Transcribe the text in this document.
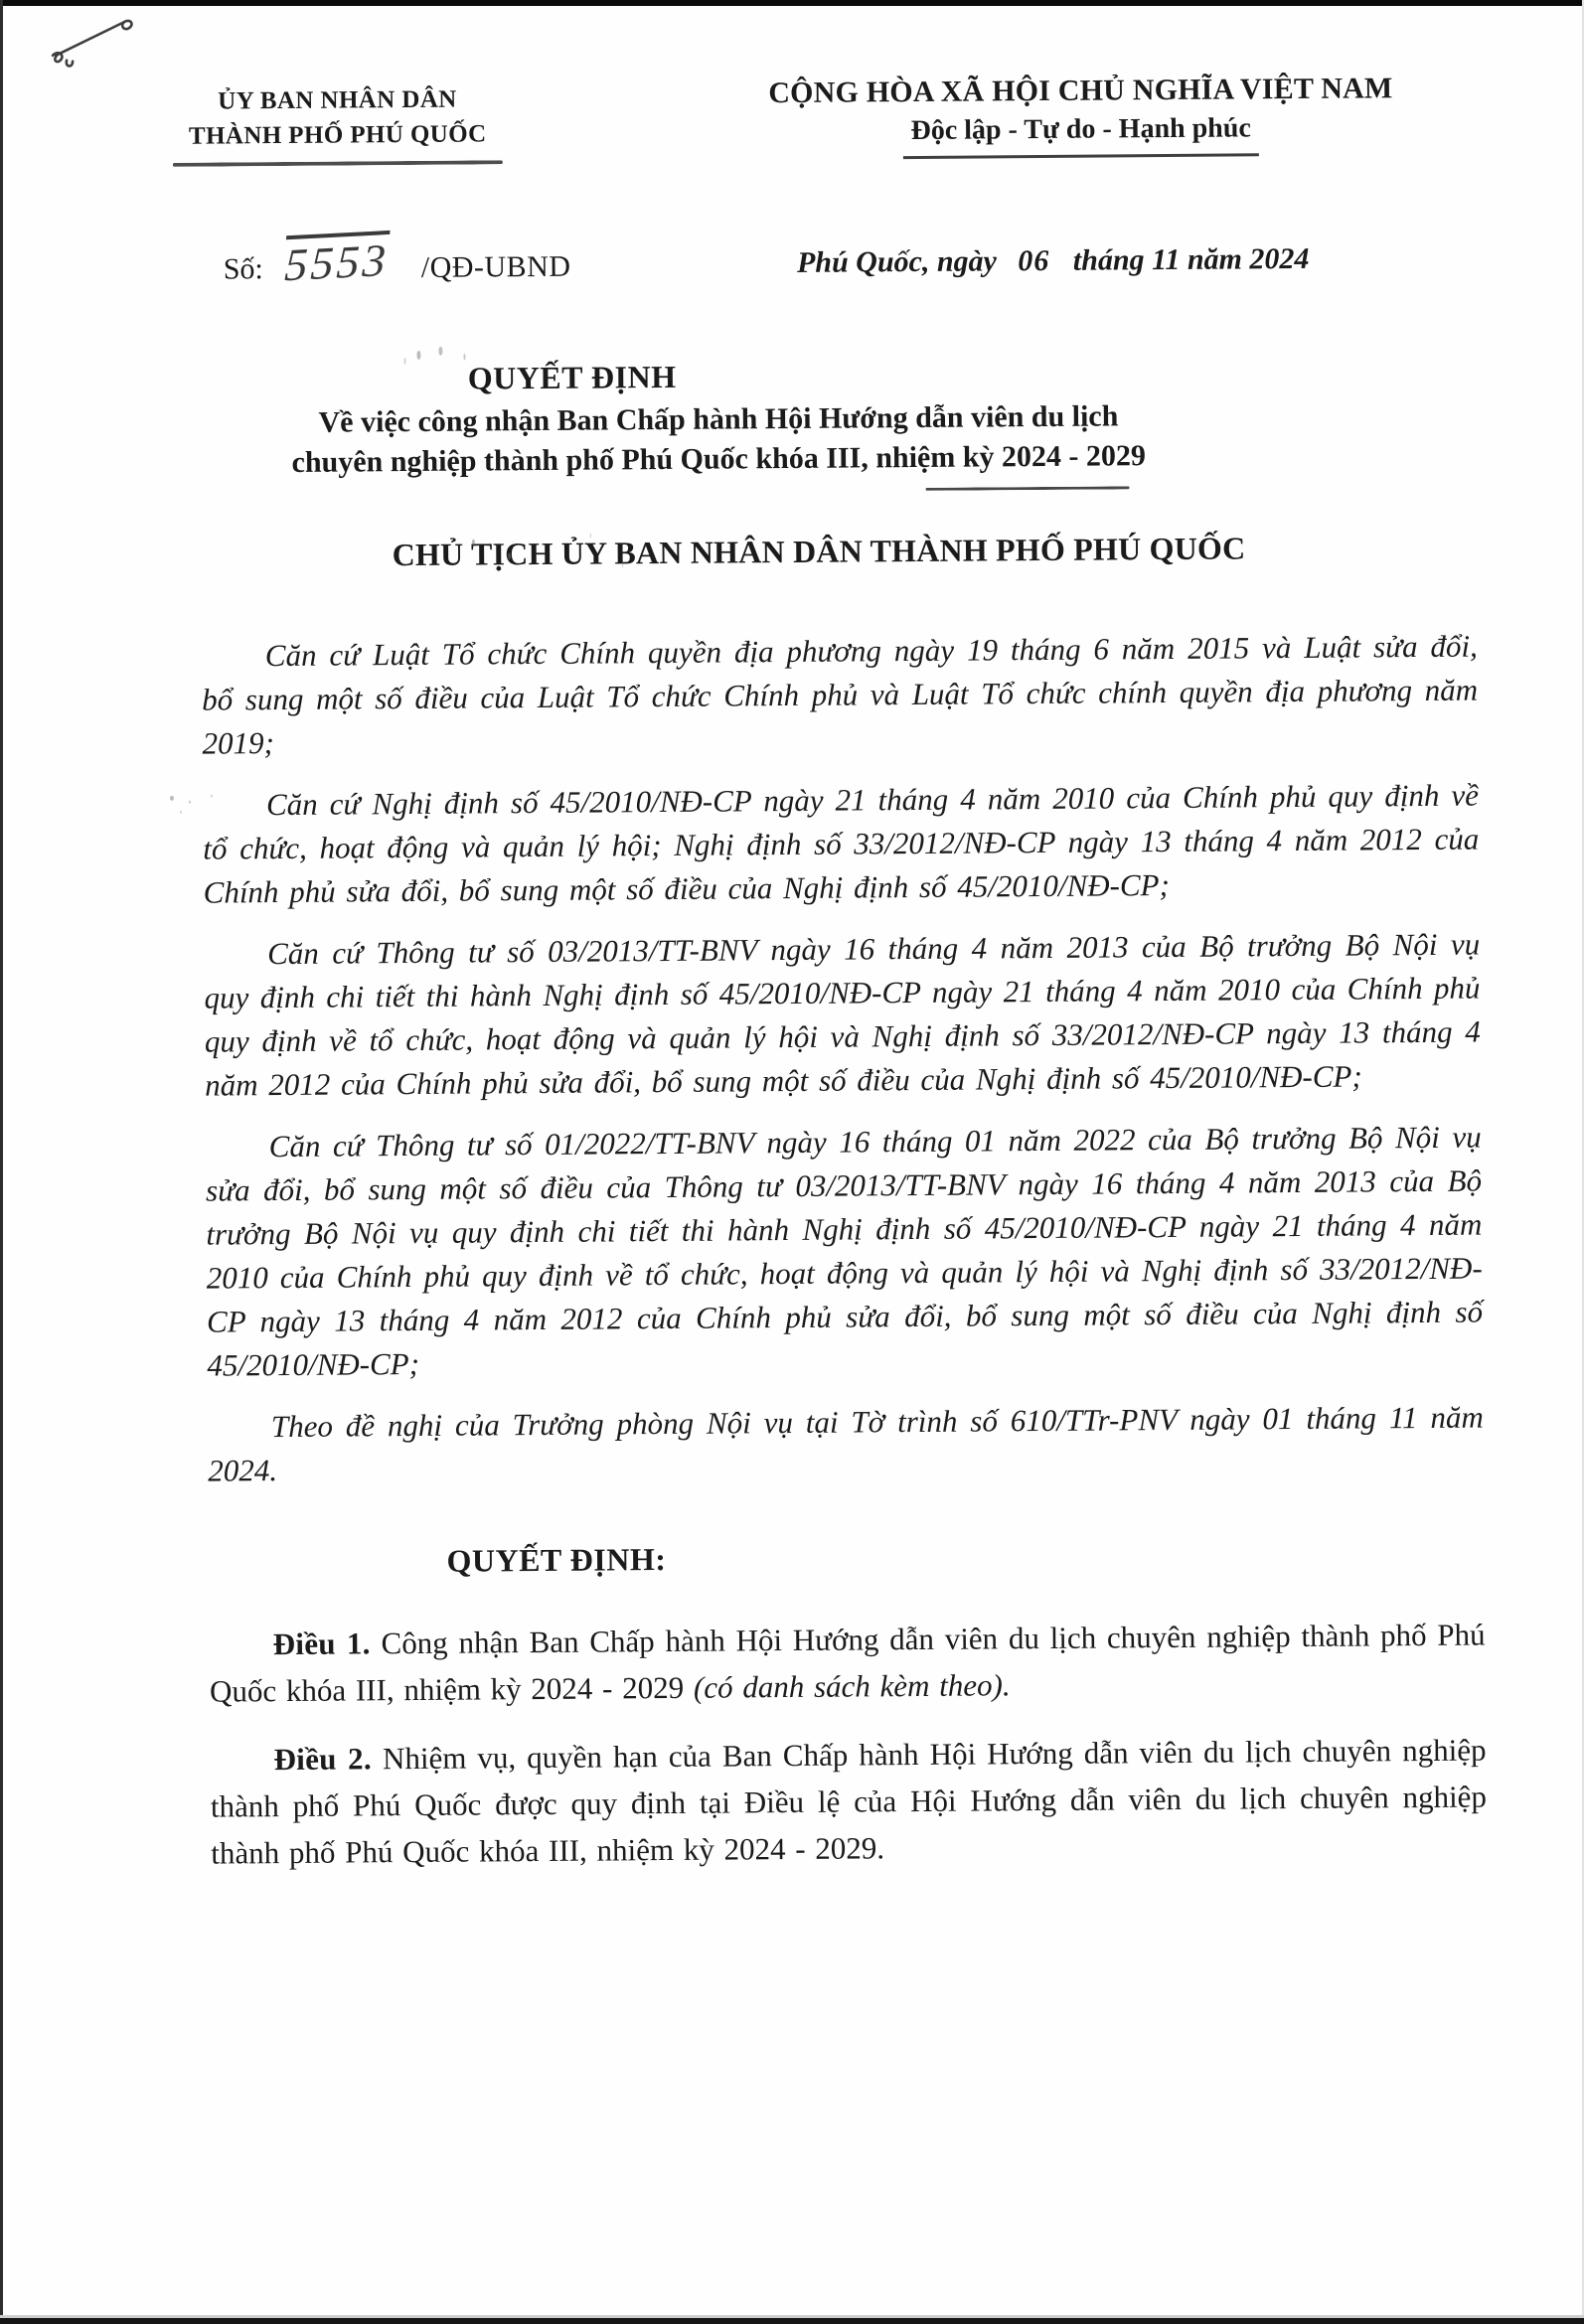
ỦY BAN NHÂN DÂN
THÀNH PHỐ PHÚ QUỐC
CỘNG HÒA XÃ HỘI CHỦ NGHĨA VIỆT NAM
Độc lập - Tự do - Hạnh phúc
Số: 5553 /QĐ-UBND	Phú Quốc, ngày 06 tháng 11 năm 2024
QUYẾT ĐỊNH
Về việc công nhận Ban Chấp hành Hội Hướng dẫn viên du lịch
chuyên nghiệp thành phố Phú Quốc khóa III, nhiệm kỳ 2024 - 2029
CHỦ TỊCH ỦY BAN NHÂN DÂN THÀNH PHỐ PHÚ QUỐC

Căn cứ Luật Tổ chức Chính quyền địa phương ngày 19 tháng 6 năm 2015 và Luật sửa đổi, bổ sung một số điều của Luật Tổ chức Chính phủ và Luật Tổ chức chính quyền địa phương năm 2019;

Căn cứ Nghị định số 45/2010/NĐ-CP ngày 21 tháng 4 năm 2010 của Chính phủ quy định về tổ chức, hoạt động và quản lý hội; Nghị định số 33/2012/NĐ-CP ngày 13 tháng 4 năm 2012 của Chính phủ sửa đổi, bổ sung một số điều của Nghị định số 45/2010/NĐ-CP;

Căn cứ Thông tư số 03/2013/TT-BNV ngày 16 tháng 4 năm 2013 của Bộ trưởng Bộ Nội vụ quy định chi tiết thi hành Nghị định số 45/2010/NĐ-CP ngày 21 tháng 4 năm 2010 của Chính phủ quy định về tổ chức, hoạt động và quản lý hội và Nghị định số 33/2012/NĐ-CP ngày 13 tháng 4 năm 2012 của Chính phủ sửa đổi, bổ sung một số điều của Nghị định số 45/2010/NĐ-CP;

Căn cứ Thông tư số 01/2022/TT-BNV ngày 16 tháng 01 năm 2022 của Bộ trưởng Bộ Nội vụ sửa đổi, bổ sung một số điều của Thông tư 03/2013/TT-BNV ngày 16 tháng 4 năm 2013 của Bộ trưởng Bộ Nội vụ quy định chi tiết thi hành Nghị định số 45/2010/NĐ-CP ngày 21 tháng 4 năm 2010 của Chính phủ quy định về tổ chức, hoạt động và quản lý hội và Nghị định số 33/2012/NĐ-CP ngày 13 tháng 4 năm 2012 của Chính phủ sửa đổi, bổ sung một số điều của Nghị định số 45/2010/NĐ-CP;

Theo đề nghị của Trưởng phòng Nội vụ tại Tờ trình số 610/TTr-PNV ngày 01 tháng 11 năm 2024.

QUYẾT ĐỊNH:

Điều 1. Công nhận Ban Chấp hành Hội Hướng dẫn viên du lịch chuyên nghiệp thành phố Phú Quốc khóa III, nhiệm kỳ 2024 - 2029 (có danh sách kèm theo).

Điều 2. Nhiệm vụ, quyền hạn của Ban Chấp hành Hội Hướng dẫn viên du lịch chuyên nghiệp thành phố Phú Quốc được quy định tại Điều lệ của Hội Hướng dẫn viên du lịch chuyên nghiệp thành phố Phú Quốc khóa III, nhiệm kỳ 2024 - 2029.
